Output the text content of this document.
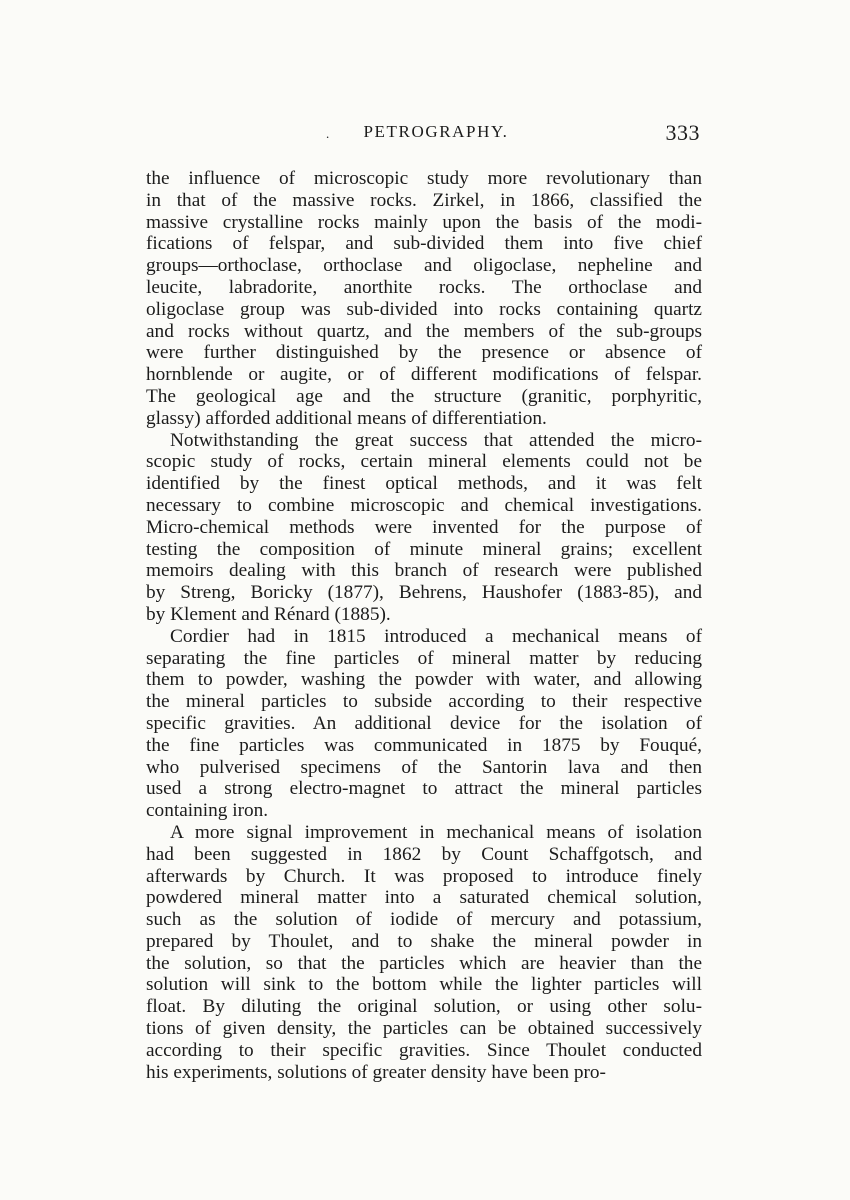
.	PETROGRAPHY.	333
the influence of microscopic study more revolutionary than
in that of the massive rocks. Zirkel, in 1866, classified the
massive crystalline rocks mainly upon the basis of the modi-
fications of felspar, and sub-divided them into five chief
groups—orthoclase, orthoclase and oligoclase, nepheline and
leucite, labradorite, anorthite rocks. The orthoclase and
oligoclase group was sub-divided into rocks containing quartz
and rocks without quartz, and the members of the sub-groups
were further distinguished by the presence or absence of
hornblende or augite, or of different modifications of felspar.
The geological age and the structure (granitic, porphyritic,
glassy) afforded additional means of differentiation.
Notwithstanding the great success that attended the micro-
scopic study of rocks, certain mineral elements could not be
identified by the finest optical methods, and it was felt
necessary to combine microscopic and chemical investigations.
Micro-chemical methods were invented for the purpose of
testing the composition of minute mineral grains; excellent
memoirs dealing with this branch of research were published
by Streng, Boricky (1877), Behrens, Haushofer (1883-85), and
by Klement and Rénard (1885).
Cordier had in 1815 introduced a mechanical means of
separating the fine particles of mineral matter by reducing
them to powder, washing the powder with water, and allowing
the mineral particles to subside according to their respective
specific gravities. An additional device for the isolation of
the fine particles was communicated in 1875 by Fouqué,
who pulverised specimens of the Santorin lava and then
used a strong electro-magnet to attract the mineral particles
containing iron.
A more signal improvement in mechanical means of isolation
had been suggested in 1862 by Count Schaffgotsch, and
afterwards by Church. It was proposed to introduce finely
powdered mineral matter into a saturated chemical solution,
such as the solution of iodide of mercury and potassium,
prepared by Thoulet, and to shake the mineral powder in
the solution, so that the particles which are heavier than the
solution will sink to the bottom while the lighter particles will
float. By diluting the original solution, or using other solu-
tions of given density, the particles can be obtained successively
according to their specific gravities. Since Thoulet conducted
his experiments, solutions of greater density have been pro-
